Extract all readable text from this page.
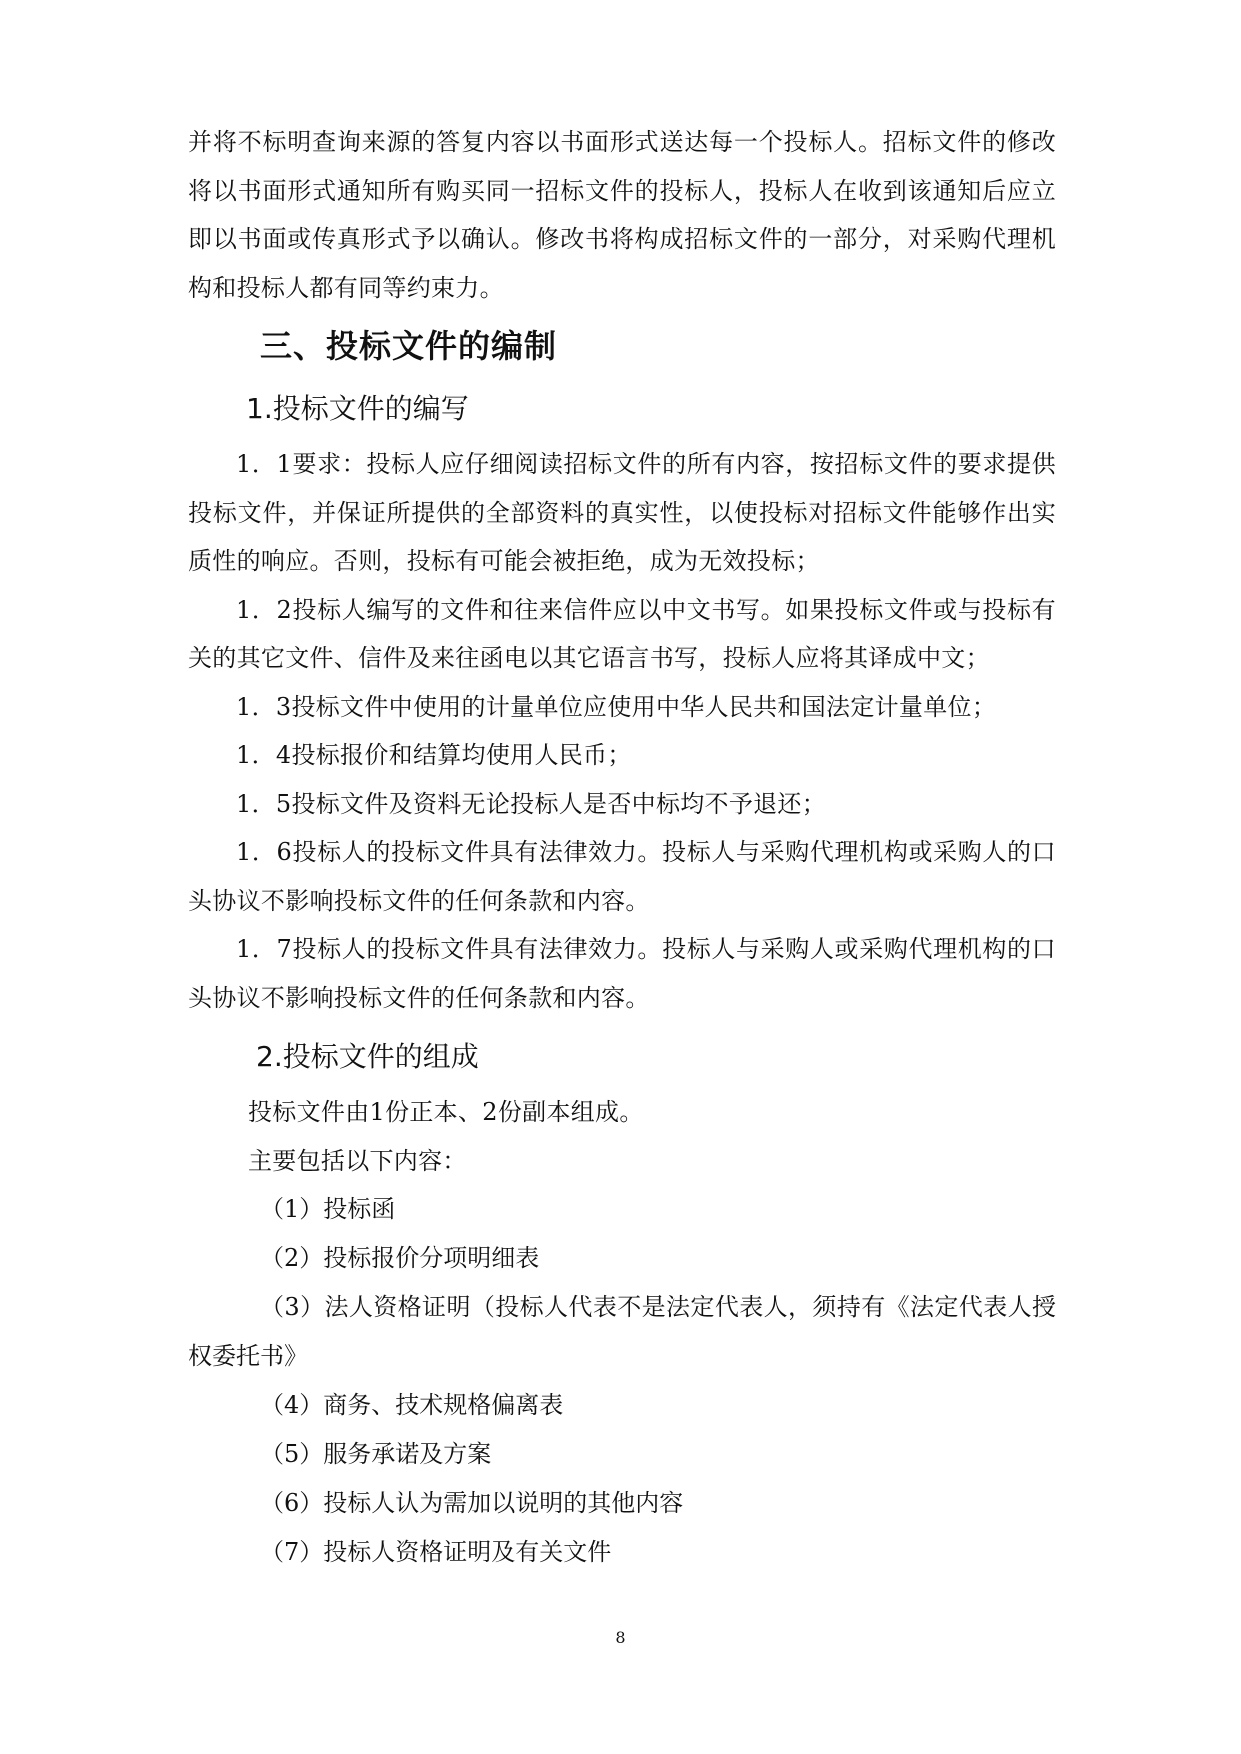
并将不标明查询来源的答复内容以书面形式送达每一个投标人。招标文件的修改将以书面形式通知所有购买同一招标文件的投标人，投标人在收到该通知后应立即以书面或传真形式予以确认。修改书将构成招标文件的一部分，对采购代理机构和投标人都有同等约束力。

三、投标文件的编制
1.投标文件的编写

1．1要求：投标人应仔细阅读招标文件的所有内容，按招标文件的要求提供投标文件，并保证所提供的全部资料的真实性，以使投标对招标文件能够作出实质性的响应。否则，投标有可能会被拒绝，成为无效投标；

1．2投标人编写的文件和往来信件应以中文书写。如果投标文件或与投标有关的其它文件、信件及来往函电以其它语言书写，投标人应将其译成中文；

1．3投标文件中使用的计量单位应使用中华人民共和国法定计量单位；

1．4投标报价和结算均使用人民币；

1．5投标文件及资料无论投标人是否中标均不予退还；

1．6投标人的投标文件具有法律效力。投标人与采购代理机构或采购人的口头协议不影响投标文件的任何条款和内容。

1．7投标人的投标文件具有法律效力。投标人与采购人或采购代理机构的口头协议不影响投标文件的任何条款和内容。

2.投标文件的组成

投标文件由1份正本、2份副本组成。

主要包括以下内容：

（1）投标函

（2）投标报价分项明细表

（3）法人资格证明（投标人代表不是法定代表人，须持有《法定代表人授权委托书》

（4）商务、技术规格偏离表

（5）服务承诺及方案

（6）投标人认为需加以说明的其他内容

（7）投标人资格证明及有关文件

8
